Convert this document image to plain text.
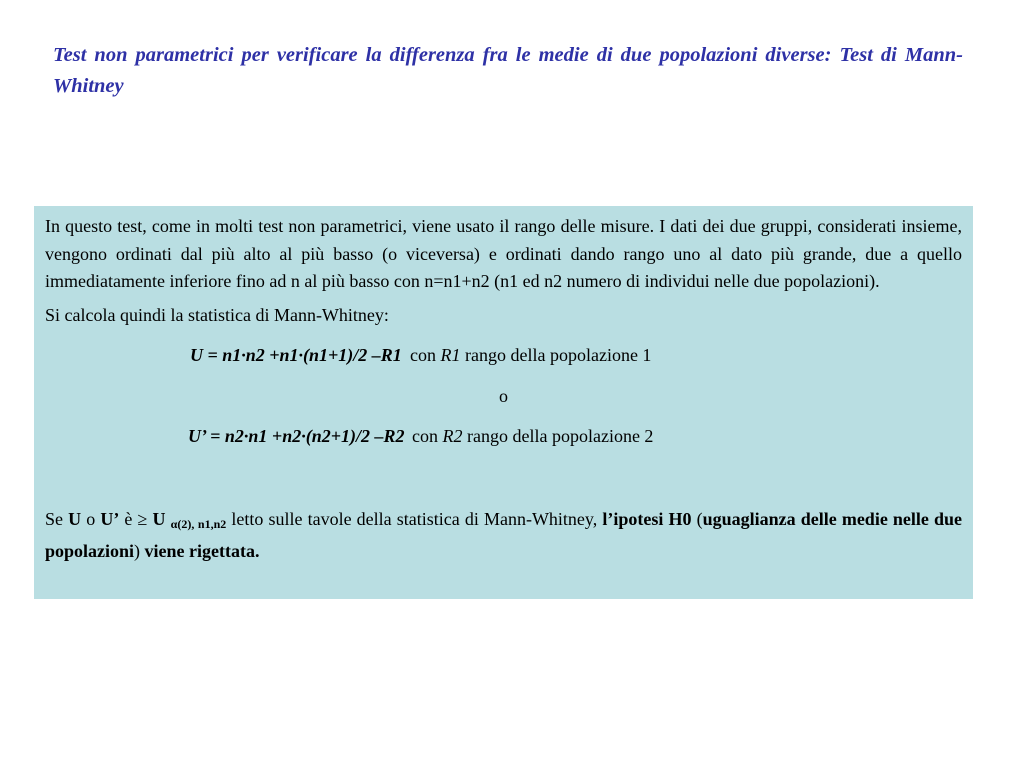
Test non parametrici per verificare la differenza fra le medie di due popolazioni diverse: Test di Mann-Whitney

In questo test, come in molti test non parametrici, viene usato il rango delle misure. I dati dei due gruppi, considerati insieme, vengono ordinati dal più alto al più basso (o viceversa) e ordinati dando rango uno al dato più grande, due a quello immediatamente inferiore fino ad n al più basso con n=n1+n2 (n1 ed n2 numero di individui nelle due popolazioni).

Si calcola quindi la statistica di Mann-Whitney:

U = n1·n2 +n1·(n1+1)/2 –R1 con R1 rango della popolazione 1

o

U’ = n2·n1 +n2·(n2+1)/2 –R2 con R2 rango della popolazione 2

Se U o U’ è ≥ U $_{\alpha(2), n1,n2}$ letto sulle tavole della statistica di Mann-Whitney, l’ipotesi H0 (uguaglianza delle medie nelle due popolazioni) viene rigettata.
